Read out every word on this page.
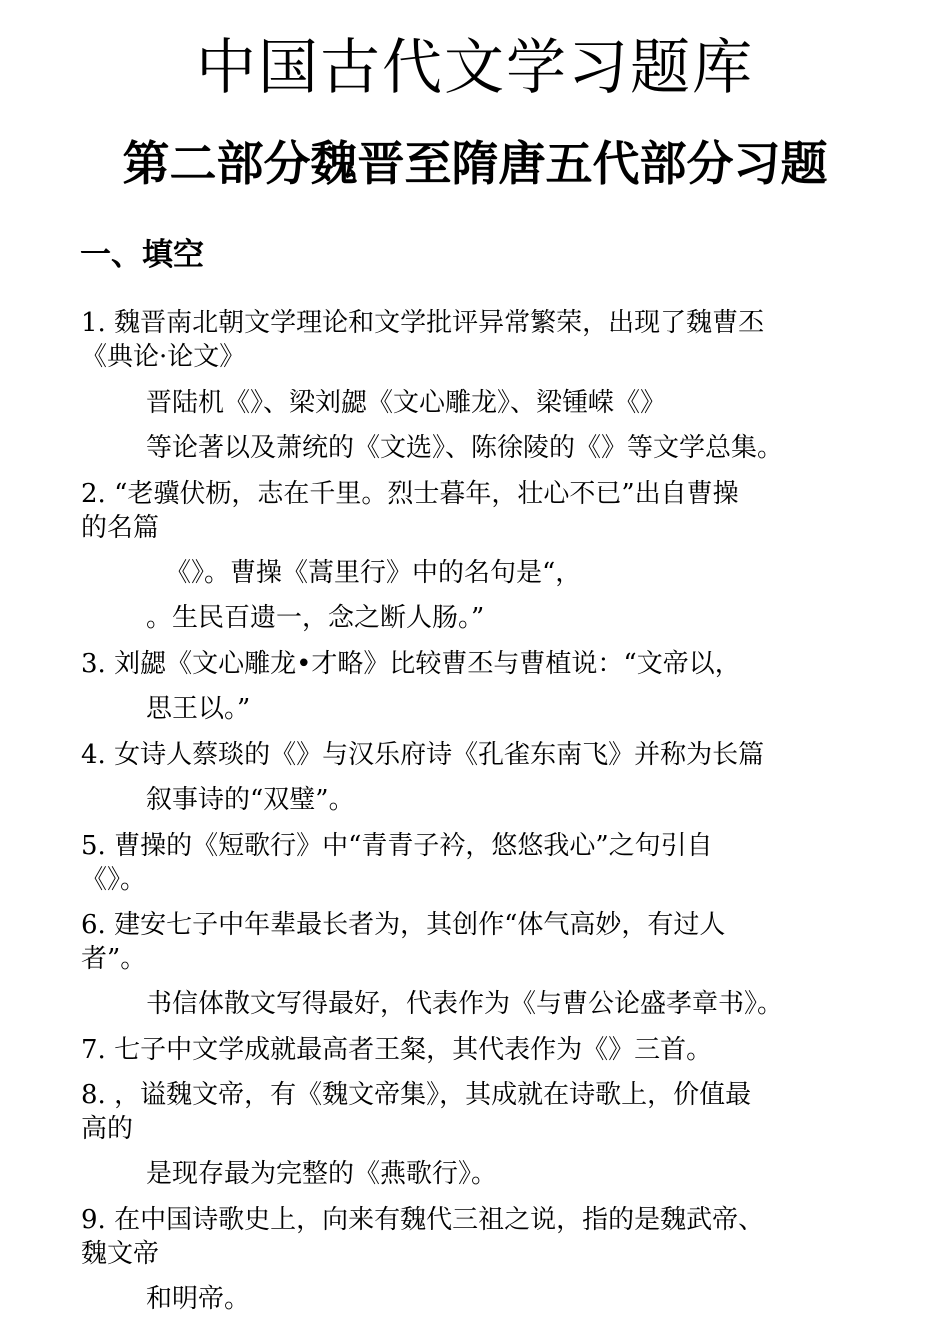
中国古代文学习题库
第二部分魏晋至隋唐五代部分习题
一、填空
1. 魏晋南北朝文学理论和文学批评异常繁荣，出现了魏曹丕
《典论·论文》
晋陆机《》、梁刘勰《文心雕龙》、梁锺嵘《》
等论著以及萧统的《文选》、陈徐陵的《》等文学总集。
2. “老骥伏枥，志在千里。烈士暮年，壮心不已”出自曹操
的名篇
《》。曹操《蒿里行》中的名句是“，
。生民百遗一，念之断人肠。”
3. 刘勰《文心雕龙•才略》比较曹丕与曹植说：“文帝以，
思王以。”
4. 女诗人蔡琰的《》与汉乐府诗《孔雀东南飞》并称为长篇
叙事诗的“双璧”。
5. 曹操的《短歌行》中“青青子衿，悠悠我心”之句引自
《》。
6. 建安七子中年辈最长者为，其创作“体气高妙，有过人
者”。
书信体散文写得最好，代表作为《与曹公论盛孝章书》。
7. 七子中文学成就最高者王粲，其代表作为《》三首。
8. ，谥魏文帝，有《魏文帝集》，其成就在诗歌上，价值最
高的
是现存最为完整的《燕歌行》。
9. 在中国诗歌史上，向来有魏代三祖之说，指的是魏武帝、
魏文帝
和明帝。
